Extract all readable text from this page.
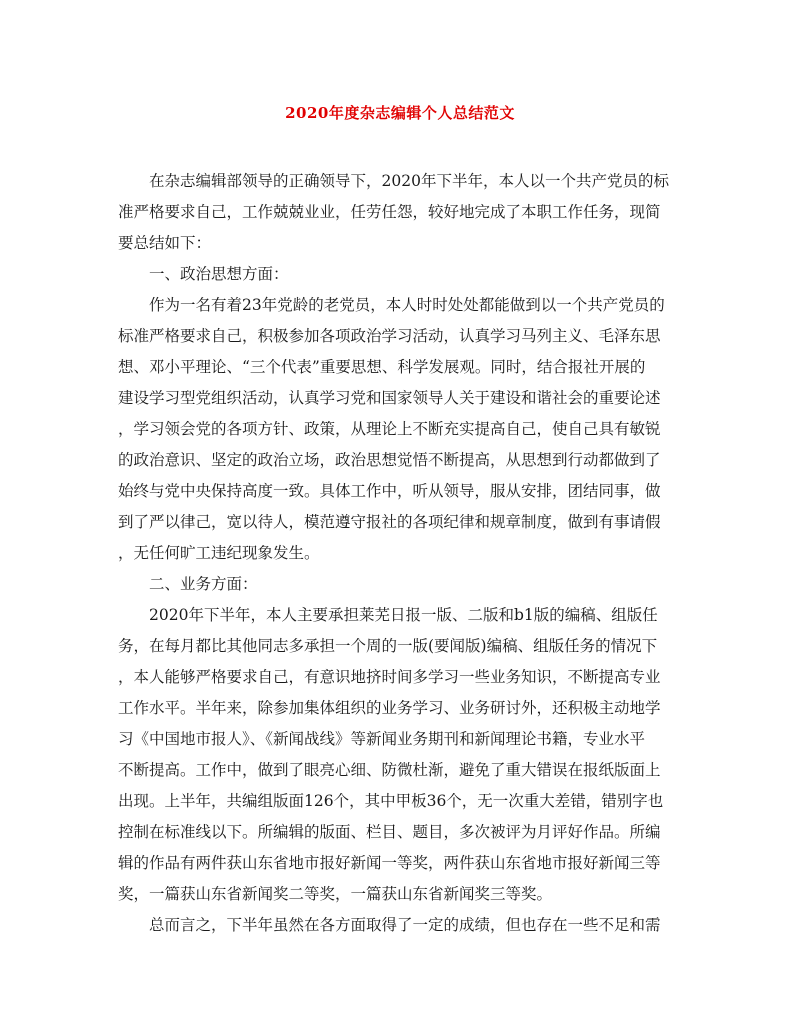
2020年度杂志编辑个人总结范文
　　在杂志编辑部领导的正确领导下，2020年下半年，本人以一个共产党员的标
准严格要求自己，工作兢兢业业，任劳任怨，较好地完成了本职工作任务，现简
要总结如下：
　　一、政治思想方面：
　　作为一名有着23年党龄的老党员，本人时时处处都能做到以一个共产党员的
标准严格要求自己，积极参加各项政治学习活动，认真学习马列主义、毛泽东思
想、邓小平理论、“三个代表”重要思想、科学发展观。同时，结合报社开展的
建设学习型党组织活动，认真学习党和国家领导人关于建设和谐社会的重要论述
，学习领会党的各项方针、政策，从理论上不断充实提高自己，使自己具有敏锐
的政治意识、坚定的政治立场，政治思想觉悟不断提高，从思想到行动都做到了
始终与党中央保持高度一致。具体工作中，听从领导，服从安排，团结同事，做
到了严以律己，宽以待人，模范遵守报社的各项纪律和规章制度，做到有事请假
，无任何旷工违纪现象发生。
　　二、业务方面：
　　2020年下半年，本人主要承担莱芜日报一版、二版和b1版的编稿、组版任
务，在每月都比其他同志多承担一个周的一版(要闻版)编稿、组版任务的情况下
，本人能够严格要求自己，有意识地挤时间多学习一些业务知识，不断提高专业
工作水平。半年来，除参加集体组织的业务学习、业务研讨外，还积极主动地学
习《中国地市报人》、《新闻战线》等新闻业务期刊和新闻理论书籍，专业水平
不断提高。工作中，做到了眼亮心细、防微杜渐，避免了重大错误在报纸版面上
出现。上半年，共编组版面126个，其中甲板36个，无一次重大差错，错别字也
控制在标准线以下。所编辑的版面、栏目、题目，多次被评为月评好作品。所编
辑的作品有两件获山东省地市报好新闻一等奖，两件获山东省地市报好新闻三等
奖，一篇获山东省新闻奖二等奖，一篇获山东省新闻奖三等奖。
　　总而言之，下半年虽然在各方面取得了一定的成绩，但也存在一些不足和需
